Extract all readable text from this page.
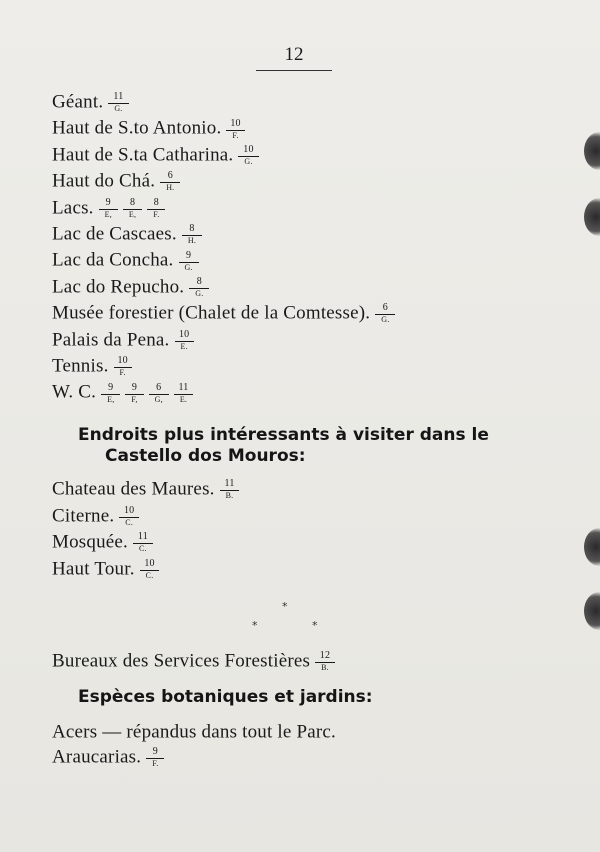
12
Géant. $\frac{11}{G.}$
Haut de S.to Antonio. $\frac{10}{F.}$
Haut de S.ta Catharina. $\frac{10}{G.}$
Haut do Chá. $\frac{6}{H.}$
Lacs. $\frac{9}{E,} \frac{8}{E,} \frac{8}{F.}$
Lac de Cascaes. $\frac{8}{H.}$
Lac da Concha. $\frac{9}{G.}$
Lac do Repucho. $\frac{8}{G.}$
Musée forestier (Chalet de la Comtesse). $\frac{6}{G.}$
Palais da Pena. $\frac{10}{E.}$
Tennis. $\frac{10}{F.}$
W. C. $\frac{9}{E,} \frac{9}{F,} \frac{6}{G,} \frac{11}{E.}$
Endroits plus intéressants à visiter dans le
Castello dos Mouros:
Chateau des Maures. $\frac{11}{B.}$
Citerne. $\frac{10}{C.}$
Mosquée. $\frac{11}{C.}$
Haut Tour. $\frac{10}{C.}$
*
*	*
Bureaux des Services Forestières $\frac{12}{B.}$
Espèces botaniques et jardins:
Acers — répandus dans tout le Parc.
Araucarias. $\frac{9}{F.}$
